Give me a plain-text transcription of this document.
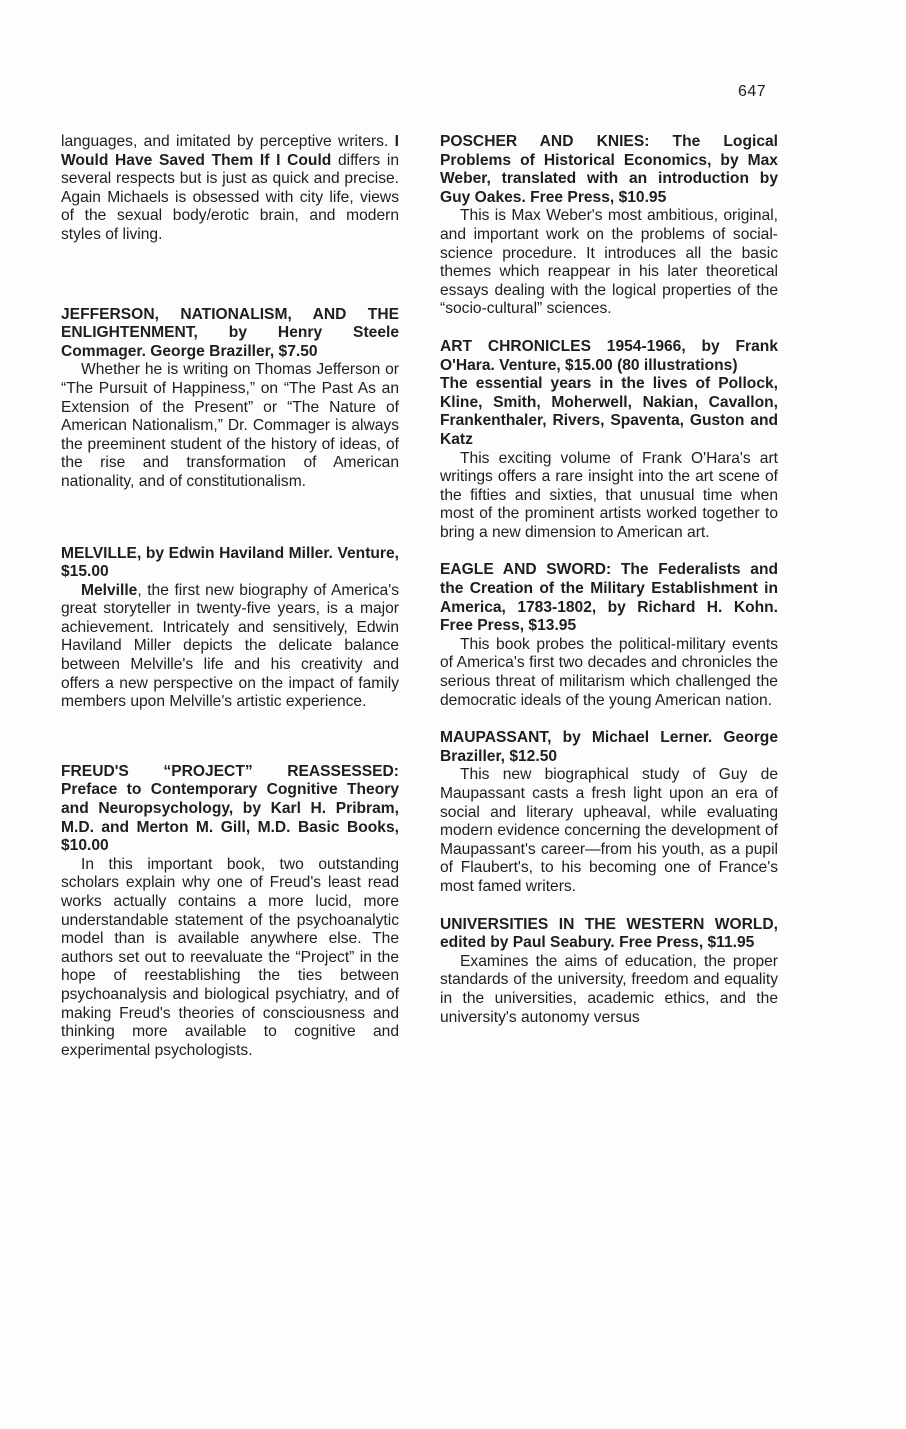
647

languages, and imitated by perceptive writers. I Would Have Saved Them If I Could differs in several respects but is just as quick and precise. Again Michaels is obsessed with city life, views of the sexual body/erotic brain, and modern styles of living.

JEFFERSON, NATIONALISM, AND THE ENLIGHTENMENT, by Henry Steele Commager. George Braziller, $7.50

Whether he is writing on Thomas Jefferson or “The Pursuit of Happiness,” on “The Past As an Extension of the Present” or “The Nature of American Nationalism,” Dr. Commager is always the preeminent student of the history of ideas, of the rise and transformation of American nationality, and of constitutionalism.

MELVILLE, by Edwin Haviland Miller. Venture, $15.00

Melville, the first new biography of America's great storyteller in twenty-five years, is a major achievement. Intricately and sensitively, Edwin Haviland Miller depicts the delicate balance between Melville's life and his creativity and offers a new perspective on the impact of family members upon Melville's artistic experience.

FREUD'S “PROJECT” REASSESSED: Preface to Contemporary Cognitive Theory and Neuropsychology, by Karl H. Pribram, M.D. and Merton M. Gill, M.D. Basic Books, $10.00

In this important book, two outstanding scholars explain why one of Freud's least read works actually contains a more lucid, more understandable statement of the psychoanalytic model than is available anywhere else. The authors set out to reevaluate the “Project” in the hope of reestablishing the ties between psychoanalysis and biological psychiatry, and of making Freud's theories of consciousness and thinking more available to cognitive and experimental psychologists.

POSCHER AND KNIES: The Logical Problems of Historical Economics, by Max Weber, translated with an introduction by Guy Oakes. Free Press, $10.95

This is Max Weber's most ambitious, original, and important work on the problems of social-science procedure. It introduces all the basic themes which reappear in his later theoretical essays dealing with the logical properties of the “socio-cultural” sciences.

ART CHRONICLES 1954-1966, by Frank O'Hara. Venture, $15.00 (80 illustrations)

The essential years in the lives of Pollock, Kline, Smith, Moherwell, Nakian, Cavallon, Frankenthaler, Rivers, Spaventa, Guston and Katz

This exciting volume of Frank O'Hara's art writings offers a rare insight into the art scene of the fifties and sixties, that unusual time when most of the prominent artists worked together to bring a new dimension to American art.

EAGLE AND SWORD: The Federalists and the Creation of the Military Establishment in America, 1783-1802, by Richard H. Kohn. Free Press, $13.95

This book probes the political-military events of America's first two decades and chronicles the serious threat of militarism which challenged the democratic ideals of the young American nation.

MAUPASSANT, by Michael Lerner. George Braziller, $12.50

This new biographical study of Guy de Maupassant casts a fresh light upon an era of social and literary upheaval, while evaluating modern evidence concerning the development of Maupassant's career—from his youth, as a pupil of Flaubert's, to his becoming one of France's most famed writers.

UNIVERSITIES IN THE WESTERN WORLD, edited by Paul Seabury. Free Press, $11.95

Examines the aims of education, the proper standards of the university, freedom and equality in the universities, academic ethics, and the university's autonomy versus
